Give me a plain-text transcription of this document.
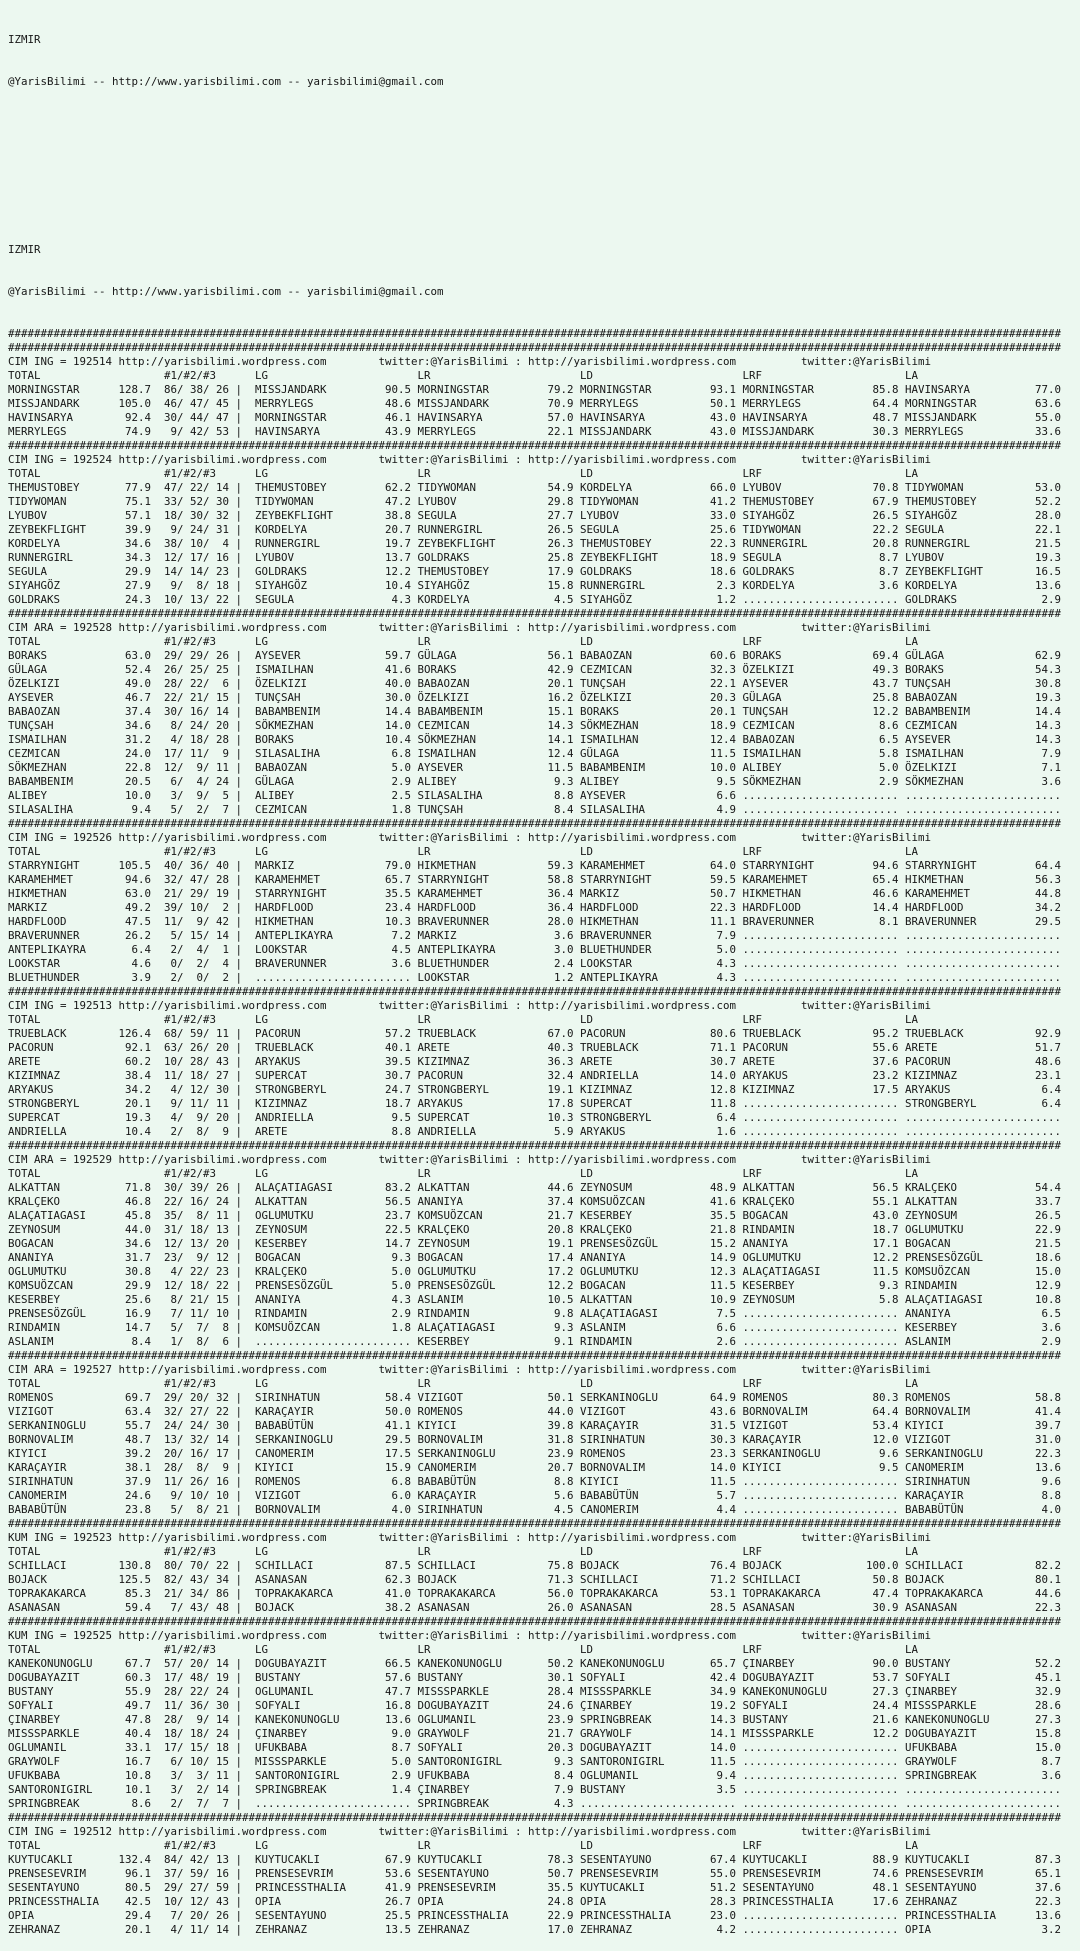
IZMIR

@YarisBilimi -- http://www.yarisbilimi.com -- yarisbilimi@gmail.com

IZMIR

@YarisBilimi -- http://www.yarisbilimi.com -- yarisbilimi@gmail.com

##################################################################################################################################################################
##################################################################################################################################################################
CIM ING = 192514 http://yarisbilimi.wordpress.com        twitter:@YarisBilimi : http://yarisbilimi.wordpress.com          twitter:@YarisBilimi
TOTAL                   #1/#2/#3      LG                       LR                       LD                       LRF                      LA
MORNINGSTAR      128.7  86/ 38/ 26 |  MISSJANDARK         90.5 MORNINGSTAR         79.2 MORNINGSTAR         93.1 MORNINGSTAR         85.8 HAVINSARYA          77.0
MISSJANDARK      105.0  46/ 47/ 45 |  MERRYLEGS           48.6 MISSJANDARK         70.9 MERRYLEGS           50.1 MERRYLEGS           64.4 MORNINGSTAR         63.6
HAVINSARYA        92.4  30/ 44/ 47 |  MORNINGSTAR         46.1 HAVINSARYA          57.0 HAVINSARYA          43.0 HAVINSARYA          48.7 MISSJANDARK         55.0
MERRYLEGS         74.9   9/ 42/ 53 |  HAVINSARYA          43.9 MERRYLEGS           22.1 MISSJANDARK         43.0 MISSJANDARK         30.3 MERRYLEGS           33.6
##################################################################################################################################################################
CIM ING = 192524 http://yarisbilimi.wordpress.com        twitter:@YarisBilimi : http://yarisbilimi.wordpress.com          twitter:@YarisBilimi
TOTAL                   #1/#2/#3      LG                       LR                       LD                       LRF                      LA
THEMUSTOBEY       77.9  47/ 22/ 14 |  THEMUSTOBEY         62.2 TIDYWOMAN           54.9 KORDELYA            66.0 LYUBOV              70.8 TIDYWOMAN           53.0
TIDYWOMAN         75.1  33/ 52/ 30 |  TIDYWOMAN           47.2 LYUBOV              29.8 TIDYWOMAN           41.2 THEMUSTOBEY         67.9 THEMUSTOBEY         52.2
LYUBOV            57.1  18/ 30/ 32 |  ZEYBEKFLIGHT        38.8 SEGULA              27.7 LYUBOV              33.0 SIYAHGÖZ            26.5 SIYAHGÖZ            28.0
ZEYBEKFLIGHT      39.9   9/ 24/ 31 |  KORDELYA            20.7 RUNNERGIRL          26.5 SEGULA              25.6 TIDYWOMAN           22.2 SEGULA              22.1
KORDELYA          34.6  38/ 10/  4 |  RUNNERGIRL          19.7 ZEYBEKFLIGHT        26.3 THEMUSTOBEY         22.3 RUNNERGIRL          20.8 RUNNERGIRL          21.5
RUNNERGIRL        34.3  12/ 17/ 16 |  LYUBOV              13.7 GOLDRAKS            25.8 ZEYBEKFLIGHT        18.9 SEGULA               8.7 LYUBOV              19.3
SEGULA            29.9  14/ 14/ 23 |  GOLDRAKS            12.2 THEMUSTOBEY         17.9 GOLDRAKS            18.6 GOLDRAKS             8.7 ZEYBEKFLIGHT        16.5
SIYAHGÖZ          27.9   9/  8/ 18 |  SIYAHGÖZ            10.4 SIYAHGÖZ            15.8 RUNNERGIRL           2.3 KORDELYA             3.6 KORDELYA            13.6
GOLDRAKS          24.3  10/ 13/ 22 |  SEGULA               4.3 KORDELYA             4.5 SIYAHGÖZ             1.2 ........................ GOLDRAKS             2.9
##################################################################################################################################################################
CIM ARA = 192528 http://yarisbilimi.wordpress.com        twitter:@YarisBilimi : http://yarisbilimi.wordpress.com          twitter:@YarisBilimi
TOTAL                   #1/#2/#3      LG                       LR                       LD                       LRF                      LA
BORAKS            63.0  29/ 29/ 26 |  AYSEVER             59.7 GÜLAGA              56.1 BABAOZAN            60.6 BORAKS              69.4 GÜLAGA              62.9
GÜLAGA            52.4  26/ 25/ 25 |  ISMAILHAN           41.6 BORAKS              42.9 CEZMICAN            32.3 ÖZELKIZI            49.3 BORAKS              54.3
ÖZELKIZI          49.0  28/ 22/  6 |  ÖZELKIZI            40.0 BABAOZAN            20.1 TUNÇSAH             22.1 AYSEVER             43.7 TUNÇSAH             30.8
AYSEVER           46.7  22/ 21/ 15 |  TUNÇSAH             30.0 ÖZELKIZI            16.2 ÖZELKIZI            20.3 GÜLAGA              25.8 BABAOZAN            19.3
BABAOZAN          37.4  30/ 16/ 14 |  BABAMBENIM          14.4 BABAMBENIM          15.1 BORAKS              20.1 TUNÇSAH             12.2 BABAMBENIM          14.4
TUNÇSAH           34.6   8/ 24/ 20 |  SÖKMEZHAN           14.0 CEZMICAN            14.3 SÖKMEZHAN           18.9 CEZMICAN             8.6 CEZMICAN            14.3
ISMAILHAN         31.2   4/ 18/ 28 |  BORAKS              10.4 SÖKMEZHAN           14.1 ISMAILHAN           12.4 BABAOZAN             6.5 AYSEVER             14.3
CEZMICAN          24.0  17/ 11/  9 |  SILASALIHA           6.8 ISMAILHAN           12.4 GÜLAGA              11.5 ISMAILHAN            5.8 ISMAILHAN            7.9
SÖKMEZHAN         22.8  12/  9/ 11 |  BABAOZAN             5.0 AYSEVER             11.5 BABAMBENIM          10.0 ALIBEY               5.0 ÖZELKIZI             7.1
BABAMBENIM        20.5   6/  4/ 24 |  GÜLAGA               2.9 ALIBEY               9.3 ALIBEY               9.5 SÖKMEZHAN            2.9 SÖKMEZHAN            3.6
ALIBEY            10.0   3/  9/  5 |  ALIBEY               2.5 SILASALIHA           8.8 AYSEVER              6.6 ........................ ........................
SILASALIHA         9.4   5/  2/  7 |  CEZMICAN             1.8 TUNÇSAH              8.4 SILASALIHA           4.9 ........................ ........................
##################################################################################################################################################################
CIM ING = 192526 http://yarisbilimi.wordpress.com        twitter:@YarisBilimi : http://yarisbilimi.wordpress.com          twitter:@YarisBilimi
TOTAL                   #1/#2/#3      LG                       LR                       LD                       LRF                      LA
STARRYNIGHT      105.5  40/ 36/ 40 |  MARKIZ              79.0 HIKMETHAN           59.3 KARAMEHMET          64.0 STARRYNIGHT         94.6 STARRYNIGHT         64.4
KARAMEHMET        94.6  32/ 47/ 28 |  KARAMEHMET          65.7 STARRYNIGHT         58.8 STARRYNIGHT         59.5 KARAMEHMET          65.4 HIKMETHAN           56.3
HIKMETHAN         63.0  21/ 29/ 19 |  STARRYNIGHT         35.5 KARAMEHMET          36.4 MARKIZ              50.7 HIKMETHAN           46.6 KARAMEHMET          44.8
MARKIZ            49.2  39/ 10/  2 |  HARDFLOOD           23.4 HARDFLOOD           36.4 HARDFLOOD           22.3 HARDFLOOD           14.4 HARDFLOOD           34.2
HARDFLOOD         47.5  11/  9/ 42 |  HIKMETHAN           10.3 BRAVERUNNER         28.0 HIKMETHAN           11.1 BRAVERUNNER          8.1 BRAVERUNNER         29.5
BRAVERUNNER       26.2   5/ 15/ 14 |  ANTEPLIKAYRA         7.2 MARKIZ               3.6 BRAVERUNNER          7.9 ........................ ........................
ANTEPLIKAYRA       6.4   2/  4/  1 |  LOOKSTAR             4.5 ANTEPLIKAYRA         3.0 BLUETHUNDER          5.0 ........................ ........................
LOOKSTAR           4.6   0/  2/  4 |  BRAVERUNNER          3.6 BLUETHUNDER          2.4 LOOKSTAR             4.3 ........................ ........................
BLUETHUNDER        3.9   2/  0/  2 |  ........................ LOOKSTAR             1.2 ANTEPLIKAYRA         4.3 ........................ ........................
##################################################################################################################################################################
CIM ING = 192513 http://yarisbilimi.wordpress.com        twitter:@YarisBilimi : http://yarisbilimi.wordpress.com          twitter:@YarisBilimi
TOTAL                   #1/#2/#3      LG                       LR                       LD                       LRF                      LA
TRUEBLACK        126.4  68/ 59/ 11 |  PACORUN             57.2 TRUEBLACK           67.0 PACORUN             80.6 TRUEBLACK           95.2 TRUEBLACK           92.9
PACORUN           92.1  63/ 26/ 20 |  TRUEBLACK           40.1 ARETE               40.3 TRUEBLACK           71.1 PACORUN             55.6 ARETE               51.7
ARETE             60.2  10/ 28/ 43 |  ARYAKUS             39.5 KIZIMNAZ            36.3 ARETE               30.7 ARETE               37.6 PACORUN             48.6
KIZIMNAZ          38.4  11/ 18/ 27 |  SUPERCAT            30.7 PACORUN             32.4 ANDRIELLA           14.0 ARYAKUS             23.2 KIZIMNAZ            23.1
ARYAKUS           34.2   4/ 12/ 30 |  STRONGBERYL         24.7 STRONGBERYL         19.1 KIZIMNAZ            12.8 KIZIMNAZ            17.5 ARYAKUS              6.4
STRONGBERYL       20.1   9/ 11/ 11 |  KIZIMNAZ            18.7 ARYAKUS             17.8 SUPERCAT            11.8 ........................ STRONGBERYL          6.4
SUPERCAT          19.3   4/  9/ 20 |  ANDRIELLA            9.5 SUPERCAT            10.3 STRONGBERYL          6.4 ........................ ........................
ANDRIELLA         10.4   2/  8/  9 |  ARETE                8.8 ANDRIELLA            5.9 ARYAKUS              1.6 ........................ ........................
##################################################################################################################################################################
CIM ARA = 192529 http://yarisbilimi.wordpress.com        twitter:@YarisBilimi : http://yarisbilimi.wordpress.com          twitter:@YarisBilimi
TOTAL                   #1/#2/#3      LG                       LR                       LD                       LRF                      LA
ALKATTAN          71.8  30/ 39/ 26 |  ALAÇATIAGASI        83.2 ALKATTAN            44.6 ZEYNOSUM            48.9 ALKATTAN            56.5 KRALÇEKO            54.4
KRALÇEKO          46.8  22/ 16/ 24 |  ALKATTAN            56.5 ANANIYA             37.4 KOMSUÖZCAN          41.6 KRALÇEKO            55.1 ALKATTAN            33.7
ALAÇATIAGASI      45.8  35/  8/ 11 |  OGLUMUTKU           23.7 KOMSUÖZCAN          21.7 KESERBEY            35.5 BOGACAN             43.0 ZEYNOSUM            26.5
ZEYNOSUM          44.0  31/ 18/ 13 |  ZEYNOSUM            22.5 KRALÇEKO            20.8 KRALÇEKO            21.8 RINDAMIN            18.7 OGLUMUTKU           22.9
BOGACAN           34.6  12/ 13/ 20 |  KESERBEY            14.7 ZEYNOSUM            19.1 PRENSESÖZGÜL        15.2 ANANIYA             17.1 BOGACAN             21.5
ANANIYA           31.7  23/  9/ 12 |  BOGACAN              9.3 BOGACAN             17.4 ANANIYA             14.9 OGLUMUTKU           12.2 PRENSESÖZGÜL        18.6
OGLUMUTKU         30.8   4/ 22/ 23 |  KRALÇEKO             5.0 OGLUMUTKU           17.2 OGLUMUTKU           12.3 ALAÇATIAGASI        11.5 KOMSUÖZCAN          15.0
KOMSUÖZCAN        29.9  12/ 18/ 22 |  PRENSESÖZGÜL         5.0 PRENSESÖZGÜL        12.2 BOGACAN             11.5 KESERBEY             9.3 RINDAMIN            12.9
KESERBEY          25.6   8/ 21/ 15 |  ANANIYA              4.3 ASLANIM             10.5 ALKATTAN            10.9 ZEYNOSUM             5.8 ALAÇATIAGASI        10.8
PRENSESÖZGÜL      16.9   7/ 11/ 10 |  RINDAMIN             2.9 RINDAMIN             9.8 ALAÇATIAGASI         7.5 ........................ ANANIYA              6.5
RINDAMIN          14.7   5/  7/  8 |  KOMSUÖZCAN           1.8 ALAÇATIAGASI         9.3 ASLANIM              6.6 ........................ KESERBEY             3.6
ASLANIM            8.4   1/  8/  6 |  ........................ KESERBEY             9.1 RINDAMIN             2.6 ........................ ASLANIM              2.9
##################################################################################################################################################################
CIM ARA = 192527 http://yarisbilimi.wordpress.com        twitter:@YarisBilimi : http://yarisbilimi.wordpress.com          twitter:@YarisBilimi
TOTAL                   #1/#2/#3      LG                       LR                       LD                       LRF                      LA
ROMENOS           69.7  29/ 20/ 32 |  SIRINHATUN          58.4 VIZIGOT             50.1 SERKANINOGLU        64.9 ROMENOS             80.3 ROMENOS             58.8
VIZIGOT           63.4  32/ 27/ 22 |  KARAÇAYIR           50.0 ROMENOS             44.0 VIZIGOT             43.6 BORNOVALIM          64.4 BORNOVALIM          41.4
SERKANINOGLU      55.7  24/ 24/ 30 |  BABABÜTÜN           41.1 KIYICI              39.8 KARAÇAYIR           31.5 VIZIGOT             53.4 KIYICI              39.7
BORNOVALIM        48.7  13/ 32/ 14 |  SERKANINOGLU        29.5 BORNOVALIM          31.8 SIRINHATUN          30.3 KARAÇAYIR           12.0 VIZIGOT             31.0
KIYICI            39.2  20/ 16/ 17 |  CANOMERIM           17.5 SERKANINOGLU        23.9 ROMENOS             23.3 SERKANINOGLU         9.6 SERKANINOGLU        22.3
KARAÇAYIR         38.1  28/  8/  9 |  KIYICI              15.9 CANOMERIM           20.7 BORNOVALIM          14.0 KIYICI               9.5 CANOMERIM           13.6
SIRINHATUN        37.9  11/ 26/ 16 |  ROMENOS              6.8 BABABÜTÜN            8.8 KIYICI              11.5 ........................ SIRINHATUN           9.6
CANOMERIM         24.6   9/ 10/ 10 |  VIZIGOT              6.0 KARAÇAYIR            5.6 BABABÜTÜN            5.7 ........................ KARAÇAYIR            8.8
BABABÜTÜN         23.8   5/  8/ 21 |  BORNOVALIM           4.0 SIRINHATUN           4.5 CANOMERIM            4.4 ........................ BABABÜTÜN            4.0
##################################################################################################################################################################
KUM ING = 192523 http://yarisbilimi.wordpress.com        twitter:@YarisBilimi : http://yarisbilimi.wordpress.com          twitter:@YarisBilimi
TOTAL                   #1/#2/#3      LG                       LR                       LD                       LRF                      LA
SCHILLACI        130.8  80/ 70/ 22 |  SCHILLACI           87.5 SCHILLACI           75.8 BOJACK              76.4 BOJACK             100.0 SCHILLACI           82.2
BOJACK           125.5  82/ 43/ 34 |  ASANASAN            62.3 BOJACK              71.3 SCHILLACI           71.2 SCHILLACI           50.8 BOJACK              80.1
TOPRAKAKARCA      85.3  21/ 34/ 86 |  TOPRAKAKARCA        41.0 TOPRAKAKARCA        56.0 TOPRAKAKARCA        53.1 TOPRAKAKARCA        47.4 TOPRAKAKARCA        44.6
ASANASAN          59.4   7/ 43/ 48 |  BOJACK              38.2 ASANASAN            26.0 ASANASAN            28.5 ASANASAN            30.9 ASANASAN            22.3
##################################################################################################################################################################
KUM ING = 192525 http://yarisbilimi.wordpress.com        twitter:@YarisBilimi : http://yarisbilimi.wordpress.com          twitter:@YarisBilimi
TOTAL                   #1/#2/#3      LG                       LR                       LD                       LRF                      LA
KANEKONUNOGLU     67.7  57/ 20/ 14 |  DOGUBAYAZIT         66.5 KANEKONUNOGLU       50.2 KANEKONUNOGLU       65.7 ÇINARBEY            90.0 BUSTANY             52.2
DOGUBAYAZIT       60.3  17/ 48/ 19 |  BUSTANY             57.6 BUSTANY             30.1 SOFYALI             42.4 DOGUBAYAZIT         53.7 SOFYALI             45.1
BUSTANY           55.9  28/ 22/ 24 |  OGLUMANIL           47.7 MISSSPARKLE         28.4 MISSSPARKLE         34.9 KANEKONUNOGLU       27.3 ÇINARBEY            32.9
SOFYALI           49.7  11/ 36/ 30 |  SOFYALI             16.8 DOGUBAYAZIT         24.6 ÇINARBEY            19.2 SOFYALI             24.4 MISSSPARKLE         28.6
ÇINARBEY          47.8  28/  9/ 14 |  KANEKONUNOGLU       13.6 OGLUMANIL           23.9 SPRINGBREAK         14.3 BUSTANY             21.6 KANEKONUNOGLU       27.3
MISSSPARKLE       40.4  18/ 18/ 24 |  ÇINARBEY             9.0 GRAYWOLF            21.7 GRAYWOLF            14.1 MISSSPARKLE         12.2 DOGUBAYAZIT         15.8
OGLUMANIL         33.1  17/ 15/ 18 |  UFUKBABA             8.7 SOFYALI             20.3 DOGUBAYAZIT         14.0 ........................ UFUKBABA            15.0
GRAYWOLF          16.7   6/ 10/ 15 |  MISSSPARKLE          5.0 SANTORONIGIRL        9.3 SANTORONIGIRL       11.5 ........................ GRAYWOLF             8.7
UFUKBABA          10.8   3/  3/ 11 |  SANTORONIGIRL        2.9 UFUKBABA             8.4 OGLUMANIL            9.4 ........................ SPRINGBREAK          3.6
SANTORONIGIRL     10.1   3/  2/ 14 |  SPRINGBREAK          1.4 ÇINARBEY             7.9 BUSTANY              3.5 ........................ ........................
SPRINGBREAK        8.6   2/  7/  7 |  ........................ SPRINGBREAK          4.3 ........................ ........................ ........................
##################################################################################################################################################################
CIM ING = 192512 http://yarisbilimi.wordpress.com        twitter:@YarisBilimi : http://yarisbilimi.wordpress.com          twitter:@YarisBilimi
TOTAL                   #1/#2/#3      LG                       LR                       LD                       LRF                      LA
KUYTUCAKLI       132.4  84/ 42/ 13 |  KUYTUCAKLI          67.9 KUYTUCAKLI          78.3 SESENTAYUNO         67.4 KUYTUCAKLI          88.9 KUYTUCAKLI          87.3
PRENSESEVRIM      96.1  37/ 59/ 16 |  PRENSESEVRIM        53.6 SESENTAYUNO         50.7 PRENSESEVRIM        55.0 PRENSESEVRIM        74.6 PRENSESEVRIM        65.1
SESENTAYUNO       80.5  29/ 27/ 59 |  PRINCESSTHALIA      41.9 PRENSESEVRIM        35.5 KUYTUCAKLI          51.2 SESENTAYUNO         48.1 SESENTAYUNO         37.6
PRINCESSTHALIA    42.5  10/ 12/ 43 |  OPIA                26.7 OPIA                24.8 OPIA                28.3 PRINCESSTHALIA      17.6 ZEHRANAZ            22.3
OPIA              29.4   7/ 20/ 26 |  SESENTAYUNO         25.5 PRINCESSTHALIA      22.9 PRINCESSTHALIA      23.0 ........................ PRINCESSTHALIA      13.6
ZEHRANAZ          20.1   4/ 11/ 14 |  ZEHRANAZ            13.5 ZEHRANAZ            17.0 ZEHRANAZ             4.2 ........................ OPIA                 3.2
